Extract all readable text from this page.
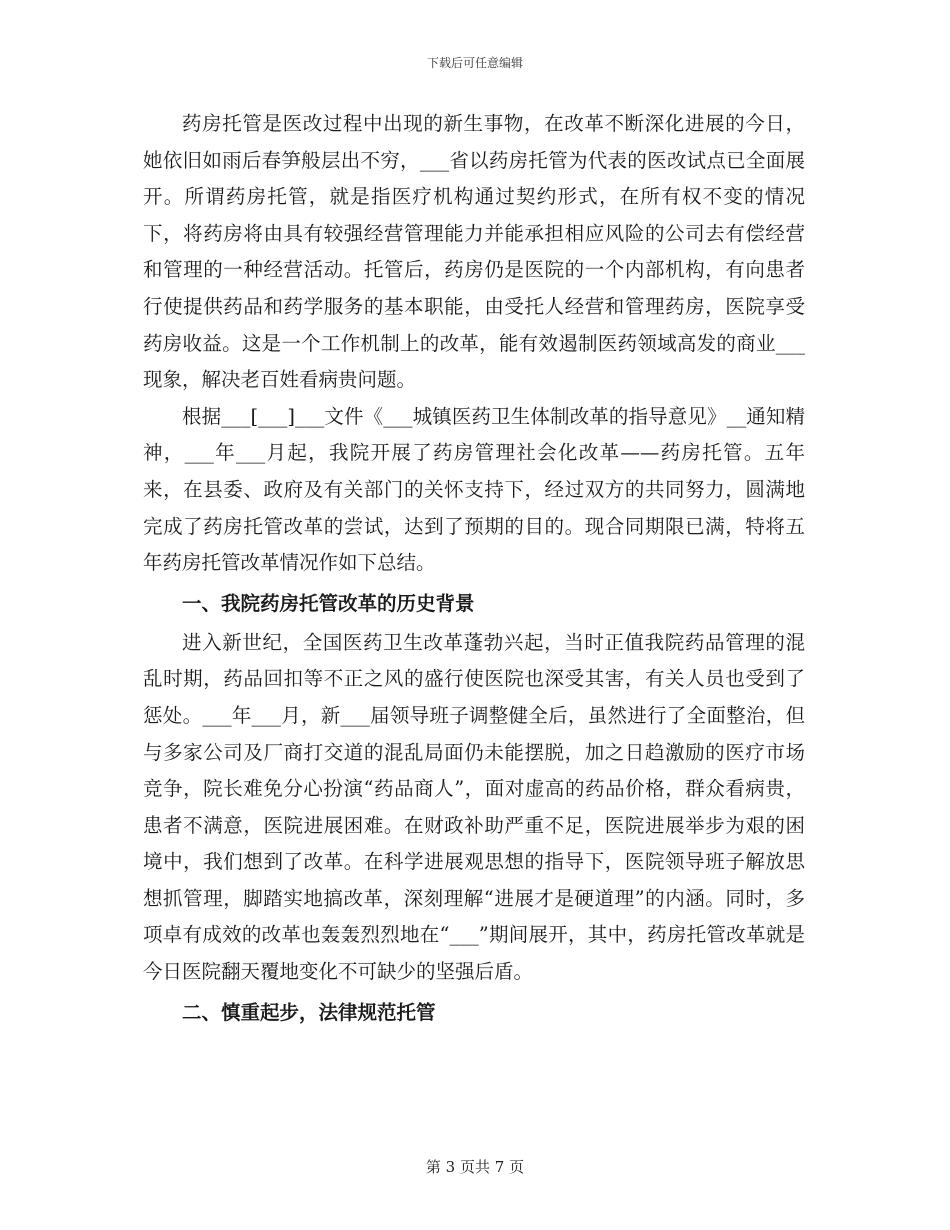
下载后可任意编辑

药房托管是医改过程中出现的新生事物，在改革不断深化进展的今日，她依旧如雨后春笋般层出不穷，___省以药房托管为代表的医改试点已全面展开。所谓药房托管，就是指医疗机构通过契约形式，在所有权不变的情况下，将药房将由具有较强经营管理能力并能承担相应风险的公司去有偿经营和管理的一种经营活动。托管后，药房仍是医院的一个内部机构，有向患者行使提供药品和药学服务的基本职能，由受托人经营和管理药房，医院享受药房收益。这是一个工作机制上的改革，能有效遏制医药领域高发的商业___现象，解决老百姓看病贵问题。

根据___[___]___文件《___城镇医药卫生体制改革的指导意见》__通知精神，___年___月起，我院开展了药房管理社会化改革——药房托管。五年来，在县委、政府及有关部门的关怀支持下，经过双方的共同努力，圆满地完成了药房托管改革的尝试，达到了预期的目的。现合同期限已满，特将五年药房托管改革情况作如下总结。

一、我院药房托管改革的历史背景

进入新世纪，全国医药卫生改革蓬勃兴起，当时正值我院药品管理的混乱时期，药品回扣等不正之风的盛行使医院也深受其害，有关人员也受到了惩处。___年___月，新___届领导班子调整健全后，虽然进行了全面整治，但与多家公司及厂商打交道的混乱局面仍未能摆脱，加之日趋激励的医疗市场竞争，院长难免分心扮演“药品商人”，面对虚高的药品价格，群众看病贵，患者不满意，医院进展困难。在财政补助严重不足，医院进展举步为艰的困境中，我们想到了改革。在科学进展观思想的指导下，医院领导班子解放思想抓管理，脚踏实地搞改革，深刻理解“进展才是硬道理”的内涵。同时，多项卓有成效的改革也轰轰烈烈地在“___”期间展开，其中，药房托管改革就是今日医院翻天覆地变化不可缺少的坚强后盾。

二、慎重起步，法律规范托管

第 3 页共 7 页
